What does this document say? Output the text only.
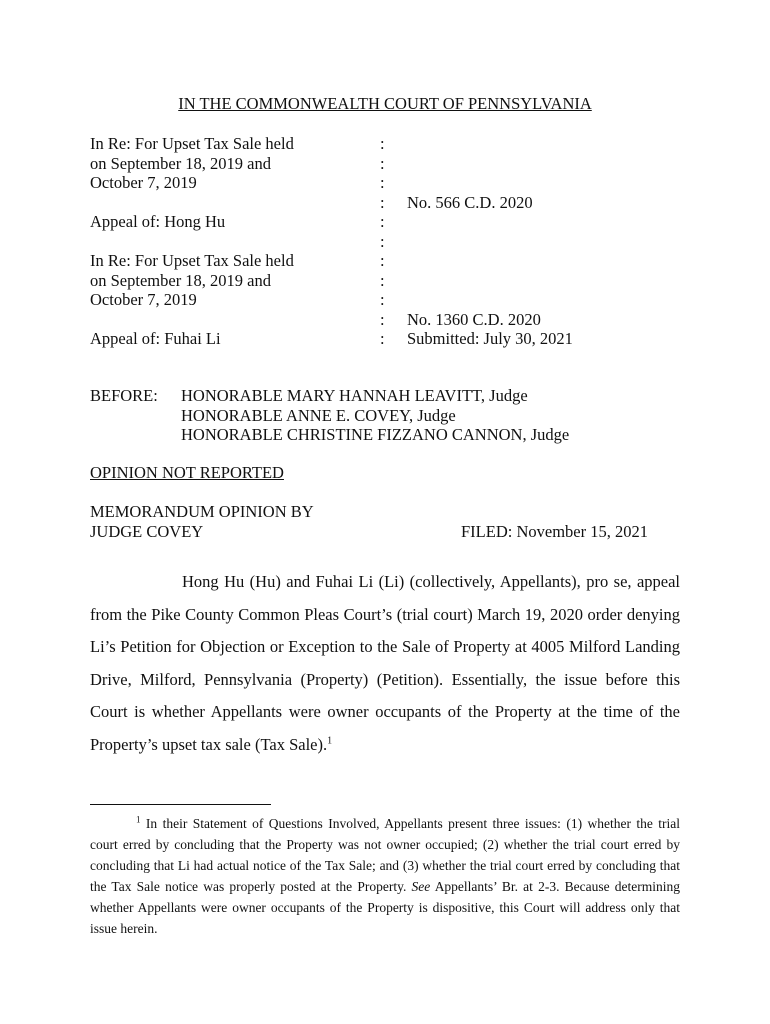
IN THE COMMONWEALTH COURT OF PENNSYLVANIA
In Re: For Upset Tax Sale held
on September 18, 2019 and
October 7, 2019
Appeal of: Hong Hu
In Re: For Upset Tax Sale held
on September 18, 2019 and
October 7, 2019
Appeal of: Fuhai Li
:
:
:
:
:
:
:
:
:
:
:
No. 566 C.D. 2020
No. 1360 C.D. 2020
Submitted: July 30, 2021
BEFORE: HONORABLE MARY HANNAH LEAVITT, Judge
HONORABLE ANNE E. COVEY, Judge
HONORABLE CHRISTINE FIZZANO CANNON, Judge
OPINION NOT REPORTED
MEMORANDUM OPINION BY
JUDGE COVEY	FILED: November 15, 2021
Hong Hu (Hu) and Fuhai Li (Li) (collectively, Appellants), pro se, appeal from the Pike County Common Pleas Court’s (trial court) March 19, 2020 order denying Li’s Petition for Objection or Exception to the Sale of Property at 4005 Milford Landing Drive, Milford, Pennsylvania (Property) (Petition). Essentially, the issue before this Court is whether Appellants were owner occupants of the Property at the time of the Property’s upset tax sale (Tax Sale).$^1$
$^1$ In their Statement of Questions Involved, Appellants present three issues: (1) whether the trial court erred by concluding that the Property was not owner occupied; (2) whether the trial court erred by concluding that Li had actual notice of the Tax Sale; and (3) whether the trial court erred by concluding that the Tax Sale notice was properly posted at the Property. See Appellants’ Br. at 2-3. Because determining whether Appellants were owner occupants of the Property is dispositive, this Court will address only that issue herein.
